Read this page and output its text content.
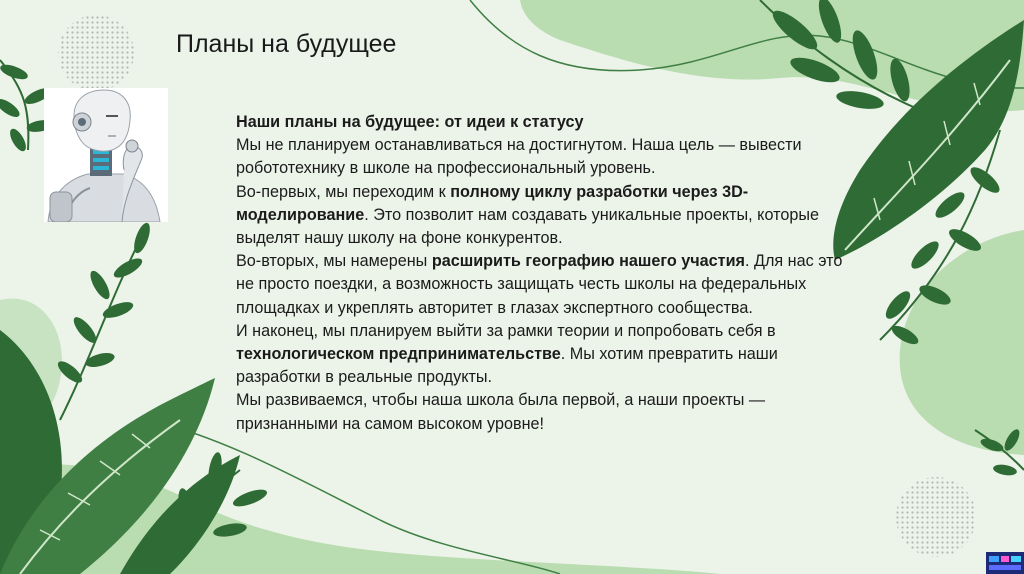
Планы на будущее

Наши планы на будущее: от идеи к статусу

Мы не планируем останавливаться на достигнутом. Наша цель — вывести робототехнику в школе на профессиональный уровень.

Во-первых, мы переходим к полному циклу разработки через 3D-моделирование. Это позволит нам создавать уникальные проекты, которые выделят нашу школу на фоне конкурентов.

Во-вторых, мы намерены расширить географию нашего участия. Для нас это не просто поездки, а возможность защищать честь школы на федеральных площадках и укреплять авторитет в глазах экспертного сообщества.

И наконец, мы планируем выйти за рамки теории и попробовать себя в технологическом предпринимательстве. Мы хотим превратить наши разработки в реальные продукты.

Мы развиваемся, чтобы наша школа была первой, а наши проекты — признанными на самом высоком уровне!
